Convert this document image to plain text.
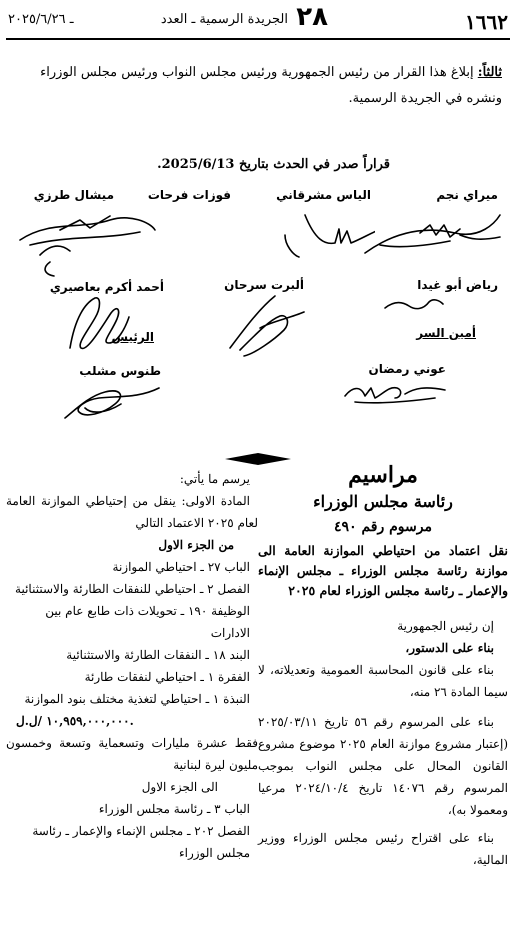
١٦٦٢
الجريدة الرسمية ـ العدد ٢٨
ـ ٢٠٢٥/٦/٢٦
ثالثاً: إبلاغ هذا القرار من رئيس الجمهورية ورئيس مجلس النواب ورئيس مجلس الوزراء ونشره في الجريدة الرسمية.
قراراً صدر في الحدث بتاريخ 2025/6/13.
ميراي نجم
الياس مشرقاني
فوزات فرحات
ميشال طرزي
رياض أبو غيدا
ألبرت سرحان
أحمد أكرم بعاصيري
أمين السر
عوني رمضان
الرئيس
طنوس مشلب
مراسيم
رئاسة مجلس الوزراء
مرسوم رقم ٤٩٠
نقل اعتماد من احتياطي الموازنة العامة الى موازنة رئاسة مجلس الوزراء ـ مجلس الإنماء والإعمار ـ رئاسة مجلس الوزراء لعام ٢٠٢٥
إن رئيس الجمهورية
بناء على الدستور،
بناء على قانون المحاسبة العمومية وتعديلاته، لا سيما المادة ٢٦ منه،
بناء على المرسوم رقم ٥٦ تاريخ ٢٠٢٥/٠٣/١١ (إعتبار مشروع موازنة العام ٢٠٢٥ موضوع مشروع القانون المحال على مجلس النواب بموجب المرسوم رقم ١٤٠٧٦ تاريخ ٢٠٢٤/١٠/٤ مرعيا ومعمولا به)،
بناء على اقتراح رئيس مجلس الوزراء ووزير المالية،
يرسم ما يأتي:
المادة الاولى: ينقل من إحتياطي الموازنة العامة لعام ٢٠٢٥ الاعتماد التالي
من الجزء الاول
الباب ٢٧ ـ احتياطي الموازنة
الفصل ٢ ـ احتياطي للنفقات الطارئة والاستثنائية
الوظيفة ١٩٠ ـ تحويلات ذات طابع عام بين الادارات
البند ١٨ ـ النفقات الطارئة والاستثنائية
الفقرة ١ ـ احتياطي لنفقات طارئة
النبذة ١ ـ احتياطي لتغذية مختلف بنود الموازنة
١٠,٩٥٩,٠٠٠,٠٠٠ /ل.ل.
فقط عشرة مليارات وتسعماية وتسعة وخمسون مليون ليرة لبنانية
الى الجزء الاول
الباب ٣ ـ رئاسة مجلس الوزراء
الفصل ٢٠٢ ـ مجلس الإنماء والإعمار ـ رئاسة مجلس الوزراء
